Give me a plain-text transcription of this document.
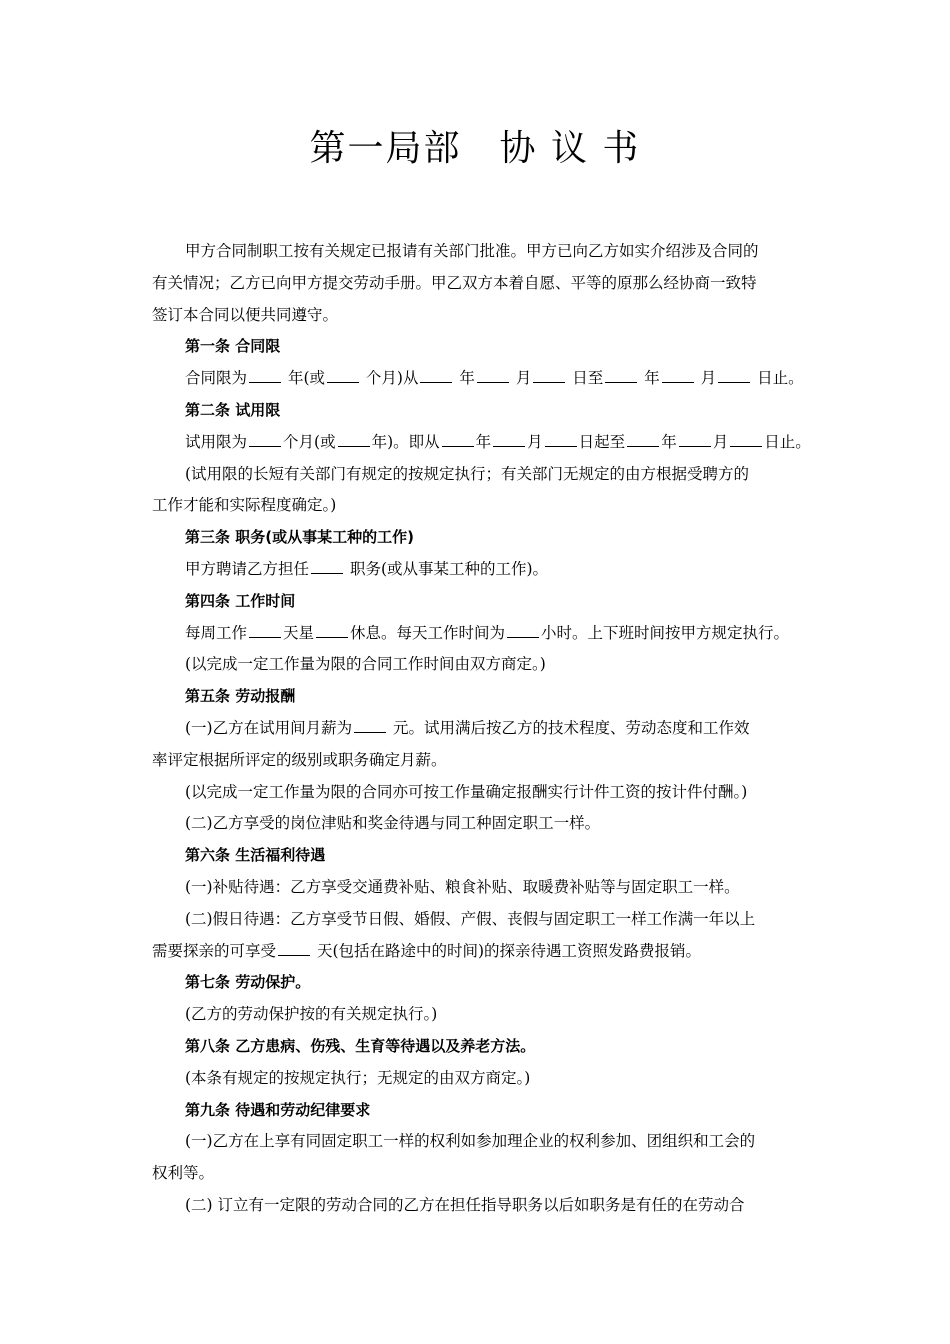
第一局部　协 议 书
甲方合同制职工按有关规定已报请有关部门批准。甲方已向乙方如实介绍涉及合同的
有关情况；乙方已向甲方提交劳动手册。甲乙双方本着自愿、平等的原那么经协商一致特
签订本合同以便共同遵守。
第一条 合同限
合同限为 年(或 个月)从 年 月 日至 年 月 日止。
第二条 试用限
试用限为 个月(或 年)。即从 年 月 日起至 年 月 日止。
(试用限的长短有关部门有规定的按规定执行；有关部门无规定的由方根据受聘方的
工作才能和实际程度确定。)
第三条 职务(或从事某工种的工作)
甲方聘请乙方担任 职务(或从事某工种的工作)。
第四条 工作时间
每周工作 天星 休息。每天工作时间为 小时。上下班时间按甲方规定执行。
(以完成一定工作量为限的合同工作时间由双方商定。)
第五条 劳动报酬
(一)乙方在试用间月薪为 元。试用满后按乙方的技术程度、劳动态度和工作效
率评定根据所评定的级别或职务确定月薪。
(以完成一定工作量为限的合同亦可按工作量确定报酬实行计件工资的按计件付酬。)
(二)乙方享受的岗位津贴和奖金待遇与同工种固定职工一样。
第六条 生活福利待遇
(一)补贴待遇：乙方享受交通费补贴、粮食补贴、取暖费补贴等与固定职工一样。
(二)假日待遇：乙方享受节日假、婚假、产假、丧假与固定职工一样工作满一年以上
需要探亲的可享受 天(包括在路途中的时间)的探亲待遇工资照发路费报销。
第七条 劳动保护。
(乙方的劳动保护按的有关规定执行。)
第八条 乙方患病、伤残、生育等待遇以及养老方法。
(本条有规定的按规定执行；无规定的由双方商定。)
第九条 待遇和劳动纪律要求
(一)乙方在上享有同固定职工一样的权利如参加理企业的权利参加、团组织和工会的
权利等。
(二) 订立有一定限的劳动合同的乙方在担任指导职务以后如职务是有任的在劳动合
